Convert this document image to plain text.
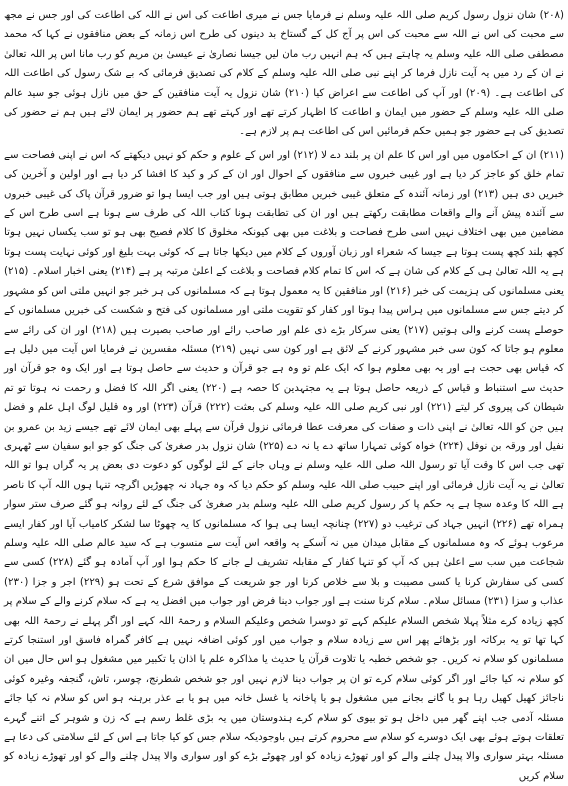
(۲۰۸) شان نزول رسول کریم صلی اللہ علیہ وسلم نے فرمایا جس نے میری اطاعت کی اس نے اللہ کی اطاعت کی اور جس نے مجھ سے محبت کی اس نے اللہ سے محبت کی اس پر آج کل کے گستاخ بد دینوں کی طرح اس زمانہ کے بعض منافقوں نے کہا کہ محمد مصطفی صلی اللہ علیہ وسلم یہ چاہتے ہیں کہ ہم انہیں رب مان لیں جیسا نصاریٰ نے عیسیٰ بن مریم کو رب مانا اس پر اللہ تعالیٰ نے ان کے رد میں یہ آیت نازل فرما کر اپنے نبی صلی اللہ علیہ وسلم کے کلام کی تصدیق فرمائی کہ بے شک رسول کی اطاعت اللہ کی اطاعت ہے۔ (۲۰۹) اور آپ کی اطاعت سے اعراض کیا (۲۱۰) شان نزول یہ آیت منافقین کے حق میں نازل ہوئی جو سید عالم صلی اللہ علیہ وسلم کے حضور میں ایمان و اطاعت کا اظہار کرتے تھے اور کہتے تھے ہم حضور پر ایمان لائے ہیں ہم نے حضور کی تصدیق کی ہے حضور جو ہمیں حکم فرمائیں اس کی اطاعت ہم پر لازم ہے۔

(۲۱۱) ان کے احکاموں میں اور اس کا علم ان پر بلند دے لا (۲۱۲) اور اس کے علوم و حکم کو نہیں دیکھتے کہ اس نے اپنی فصاحت سے تمام خلق کو عاجز کر دیا ہے اور غیبی خبروں سے منافقوں کے احوال اور ان کے کر و کید کا افشا کر دیا ہے اور اولین و آخرین کی خبریں دی ہیں (۲۱۳) اور زمانہ آئندہ کے متعلق غیبی خبریں مطابق ہوتی ہیں اور جب ایسا ہوا تو ضرور قرآن پاک کی غیبی خبروں سے آئندہ پیش آنے والے واقعات مطابقت رکھتے ہیں اور ان کی تطابقت ہونا کتاب اللہ کی طرف سے ہونا ہے اسی طرح اس کے مضامین میں بھی اختلاف نہیں اسی طرح فصاحت و بلاغت میں بھی کیونکہ مخلوق کا کلام فصیح بھی ہو تو سب یکساں نہیں ہوتا کچھ بلند کچھ پست ہوتا ہے جیسا کہ شعراء اور زبان آوروں کے کلام میں دیکھا جاتا ہے کہ کوئی بہت بلیغ اور کوئی نہایت پست ہوتا ہے یہ اللہ تعالیٰ ہی کے کلام کی شان ہے کہ اس کا تمام کلام فصاحت و بلاغت کے اعلیٰ مرتبہ پر ہے (۲۱۴) یعنی اخبار اسلام۔ (۲۱۵) یعنی مسلمانوں کی ہزیمت کی خبر (۲۱۶) اور منافقین کا یہ معمول ہوتا ہے کہ مسلمانوں کی ہر خبر جو انہیں ملتی اس کو مشہور کر دیتے جس سے مسلمانوں میں ہراس پیدا ہوتا اور کفار کو تقویت ملتی اور مسلمانوں کی فتح و شکست کی خبریں مسلمانوں کے حوصلے پست کرنے والی ہوتیں (۲۱۷) یعنی سرکار بڑے ذی علم اور صاحب رائے اور صاحب بصیرت ہیں (۲۱۸) اور ان کی رائے سے معلوم ہو جاتا کہ کون سی خبر مشہور کرنے کے لائق ہے اور کون سی نہیں (۲۱۹) مسئلہ مفسرین نے فرمایا اس آیت میں دلیل ہے کہ قیاس بھی حجت ہے اور یہ بھی معلوم ہوا کہ ایک علم تو وہ ہے جو قرآن و حدیث سے حاصل ہوتا ہے اور ایک وہ جو قرآن اور حدیث سے استنباط و قیاس کے ذریعہ حاصل ہوتا ہے یہ مجتہدین کا حصہ ہے (۲۲۰) یعنی اگر اللہ کا فضل و رحمت نہ ہوتا تو تم شیطان کی پیروی کر لیتے (۲۲۱) اور نبی کریم صلی اللہ علیہ وسلم کی بعثت (۲۲۲) قرآن (۲۲۳) اور وہ قلیل لوگ اہل علم و فضل ہیں جن کو اللہ تعالیٰ نے اپنی ذات و صفات کی معرفت عطا فرمائی نزول قرآن سے پہلے بھی ایمان لائے تھے جیسے زید بن عمرو بن نفیل اور ورقہ بن نوفل (۲۲۴) خواہ کوئی تمہارا ساتھ دے یا نہ دے (۲۲۵) شان نزول بدر صغریٰ کی جنگ کو جو ابو سفیان سے ٹھہری تھی جب اس کا وقت آیا تو رسول اللہ صلی اللہ علیہ وسلم نے وہاں جانے کے لئے لوگوں کو دعوت دی بعض پر یہ گراں ہوا تو اللہ تعالیٰ نے یہ آیت نازل فرمائی اور اپنے حبیب صلی اللہ علیہ وسلم کو حکم دیا کہ وہ جہاد نہ چھوڑیں اگرچہ تنہا ہوں اللہ آپ کا ناصر ہے اللہ کا وعدہ سچا ہے یہ حکم پا کر رسول کریم صلی اللہ علیہ وسلم بدر صغریٰ کی جنگ کے لئے روانہ ہو گئے صرف ستر سوار ہمراہ تھے (۲۲۶) انہیں جہاد کی ترغیب دو (۲۲۷) چنانچہ ایسا ہی ہوا کہ مسلمانوں کا یہ چھوٹا سا لشکر کامیاب آیا اور کفار ایسے مرعوب ہوئے کہ وہ مسلمانوں کے مقابل میدان میں نہ آسکے یہ واقعہ اس آیت سے منسوب ہے کہ سید عالم صلی اللہ علیہ وسلم شجاعت میں سب سے اعلیٰ ہیں کہ آپ کو تنہا کفار کے مقابلہ تشریف لے جانے کا حکم ہوا اور آپ آمادہ ہو گئے (۲۲۸) کسی سے کسی کی سفارش کرنا یا کسی مصیبت و بلا سے خلاص کرنا اور جو شریعت کے موافق شرع کے تحت ہو (۲۲۹) اجر و جزا (۲۳۰) عذاب و سزا (۲۳۱) مسائل سلام۔ سلام کرنا سنت ہے اور جواب دینا فرض اور جواب میں افضل یہ ہے کہ سلام کرنے والے کے سلام پر کچھ زیادہ کرے مثلاً پہلا شخص السلام علیکم کہے تو دوسرا شخص وعلیکم السلام و رحمۃ اللہ کہے اور اگر پہلے نے رحمۃ اللہ بھی کہا تھا تو یہ برکاتہ اور بڑھائے پھر اس سے زیادہ سلام و جواب میں اور کوئی اضافہ نہیں ہے کافر گمراہ فاسق اور استنجا کرتے مسلمانوں کو سلام نہ کریں۔ جو شخص خطبہ یا تلاوت قرآن یا حدیث یا مذاکرہ علم یا اذان یا تکبیر میں مشغول ہو اس حال میں ان کو سلام نہ کیا جائے اور اگر کوئی سلام کرے تو ان پر جواب دینا لازم نہیں اور جو شخص شطرنج، چوسر، تاش، گنجفہ وغیرہ کوئی ناجائز کھیل کھیل رہا ہو یا گانے بجانے میں مشغول ہو یا پاخانہ یا غسل خانہ میں ہو یا بے عذر برہنہ ہو اس کو سلام نہ کیا جائے مسئلہ آدمی جب اپنے گھر میں داخل ہو تو بیوی کو سلام کرے ہندوستان میں یہ بڑی غلط رسم ہے کہ زن و شوہر کے اتنے گہرے تعلقات ہوتے ہوئے بھی ایک دوسرے کو سلام سے محروم کرتے ہیں باوجودیکہ سلام جس کو کیا جاتا ہے اس کے لئے سلامتی کی دعا ہے مسئلہ بہتر سواری والا پیدل چلنے والے کو اور تھوڑے زیادہ کو اور چھوٹے بڑے کو اور سواری والا پیدل چلنے والے کو اور تھوڑے زیادہ کو سلام کریں
